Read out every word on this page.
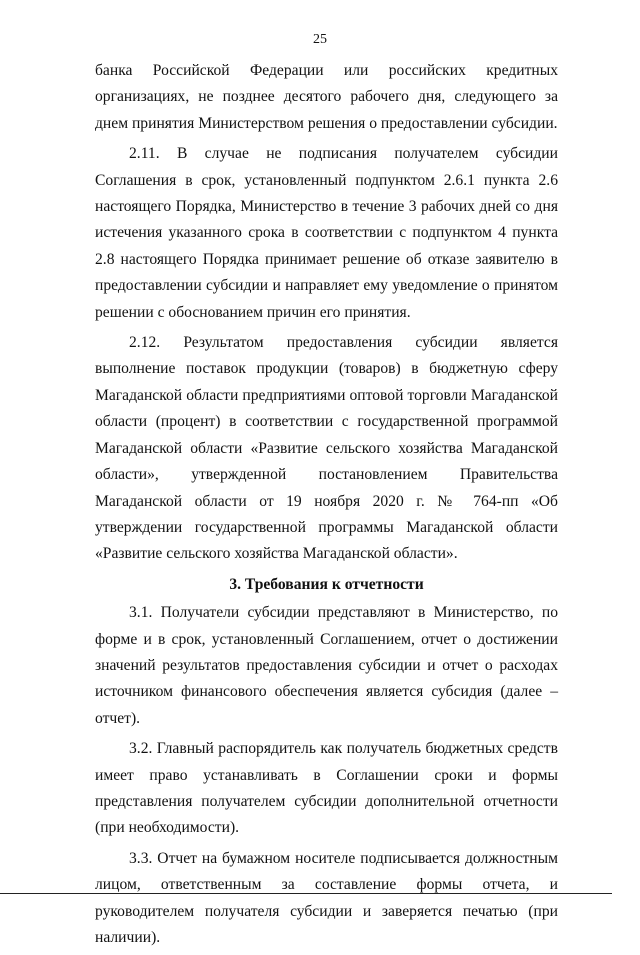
25

банка Российской Федерации или российских кредитных организациях, не позднее десятого рабочего дня, следующего за днем принятия Министерством решения о предоставлении субсидии.

2.11. В случае не подписания получателем субсидии Соглашения в срок, установленный подпунктом 2.6.1 пункта 2.6 настоящего Порядка, Министерство в течение 3 рабочих дней со дня истечения указанного срока в соответствии с подпунктом 4 пункта 2.8 настоящего Порядка принимает решение об отказе заявителю в предоставлении субсидии и направляет ему уведомление о принятом решении с обоснованием причин его принятия.

2.12. Результатом предоставления субсидии является выполнение поставок продукции (товаров) в бюджетную сферу Магаданской области предприятиями оптовой торговли Магаданской области (процент) в соответствии с государственной программой Магаданской области «Развитие сельского хозяйства Магаданской области», утвержденной постановлением Правительства Магаданской области от 19 ноября 2020 г. № 764-пп «Об утверждении государственной программы Магаданской области «Развитие сельского хозяйства Магаданской области».

3. Требования к отчетности

3.1. Получатели субсидии представляют в Министерство, по форме и в срок, установленный Соглашением, отчет о достижении значений результатов предоставления субсидии и отчет о расходах источником финансового обеспечения является субсидия (далее – отчет).

3.2. Главный распорядитель как получатель бюджетных средств имеет право устанавливать в Соглашении сроки и формы представления получателем субсидии дополнительной отчетности (при необходимости).

3.3. Отчет на бумажном носителе подписывается должностным лицом, ответственным за составление формы отчета, и руководителем получателя субсидии и заверяется печатью (при наличии).
